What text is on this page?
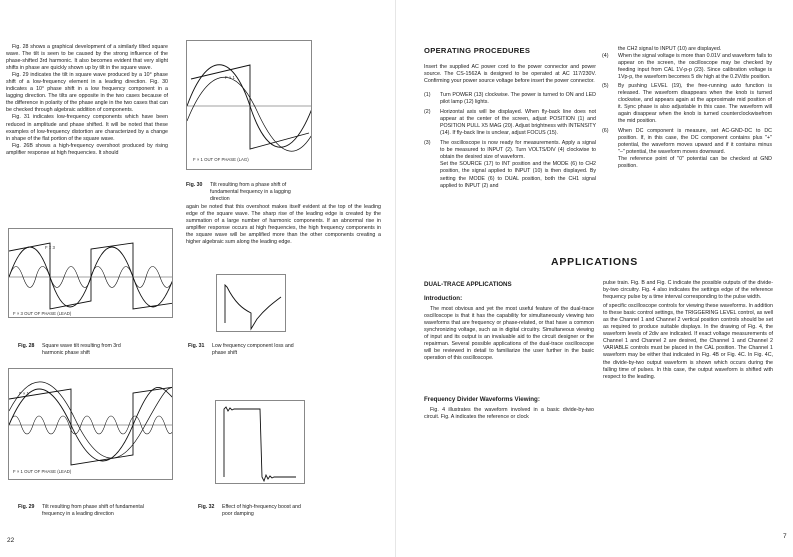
Fig. 28 shows a graphical development of a similarly tilted square wave. The tilt is seen to be caused by the strong influence of the phase-shifted 3rd harmonic. It also becomes evident that very slight shifts in phase are quickly shown up by tilt in the square wave.

Fig. 29 indicates the tilt in square wave produced by a 10° phase shift of a low-frequency element in a leading direction. Fig. 30 indicates a 10° phase shift in a low frequency component in a lagging direction. The tilts are opposite in the two cases because of the difference in polarity of the phase angle in the two cases that can be checked through algebraic addition of components.

Fig. 31 indicates low-frequency components which have been reduced in amplitude and phase shifted. It will be noted that these examples of low-frequency distortion are characterized by a change in shape of the flat portion of the square wave.

Fig. 26B shows a high-frequency overshoot produced by rising amplifier response at high frequencies. It should

F × 1
F × 1 OUT OF PHASE (LAG)
Fig. 30 Tilt resulting from a phase shift of fundamental frequency in a lagging direction

again be noted that this overshoot makes itself evident at the top of the leading edge of the square wave. The sharp rise of the leading edge is created by the summation of a large number of harmonic components. If an abnormal rise in amplifier response occurs at high frequencies, the high frequency components in the square wave will be amplified more than the other components creating a higher algebraic sum along the leading edge.

F × 3
F × 3 OUT OF PHASE (LEAD)
Fig. 28 Square wave tilt resulting from 3rd harmonic phase shift
Fig. 31 Low frequency component loss and phase shift
F × 1
F × 1 OUT OF PHASE (LEAD)
Fig. 29 Tilt resulting from phase shift of fundamental frequency in a leading direction
Fig. 32 Effect of high-frequency boost and poor damping
22
OPERATING PROCEDURES

Insert the supplied AC power cord to the power connector and power source. The CS-1562A is designed to be operated at AC 117/230V. Confirming your power source voltage before insert the power connector.

(1) Turn POWER (13) clockwise. The power is turned to ON and LED pilot lamp (12) lights.

(2) Horizontal axis will be displayed. When fly-back line does not appear at the center of the screen, adjust POSITION (1) and POSITION PULL X5 MAG (20). Adjust brightness with INTENSITY (14). If fly-back line is unclear, adjust FOCUS (15).

(3) The oscilloscope is now ready for measurements. Apply a signal to be measured to INPUT (2). Turn VOLTS/DIV (4) clockwise to obtain the desired size of waveform.

Set the SOURCE (17) to INT position and the MODE (6) to CH2 position, the signal applied to INPUT (10) is then displayed. By setting the MODE (6) to DUAL position, both the CH1 signal applied to INPUT (2) and

the CH2 signal to INPUT (10) are displayed.

(4) When the signal voltage is more than 0.01V and waveform fails to appear on the screen, the oscilloscope may be checked by feeding input from CAL 1V-p-p (23). Since calibration voltage is 1Vp-p, the waveform becomes 5 div high at the 0.2V/div position.

(5) By pushing LEVEL (19), the free-running auto function is released. The waveform disappears when the knob is turned clockwise, and appears again at the approximate mid position of it. Sync phase is also adjustable in this case. The waveform will again disappear when the knob is turned counterclockwisefrom the mid position.

(6) When DC component is measure, set AC-GND-DC to DC position. If, in this case, the DC component contains plus "+" potential, the waveform moves upward and if it contains minus "–" potential, the waveform moves downward.

The reference point of "0" potential can be checked at GND position.

APPLICATIONS
DUAL-TRACE APPLICATIONS
Introduction:

The most obvious and yet the most useful feature of the dual-trace oscilloscope is that it has the capability for simultaneously viewing two waveforms that are frequency or phase-related, or that have a common synchronizing voltage, such as in digital circuitry. Simultaneous viewing of input and its output is an invaluable aid to the circuit designer or the repairman. Several possible applications of the dual-trace oscilloscope will be reviewed in detail to familiarize the user further in the basic operation of this oscilloscope.

Frequency Divider Waveforms Viewing:

Fig. 4 illustrates the waveform involved in a basic divide-by-two circuit. Fig. A indicates the reference or clock

pulse train. Fig. B and Fig. C indicate the possible outputs of the divide-by-two circuitry. Fig. 4 also indicates the settings edge of the reference frequency pulse by a time interval corresponding to the pulse width.

of specific oscilloscope controls for viewing these waveforms. In addition to these basic control settings, the TRIGGERING LEVEL control, as well as the Channel 1 and Channel 2 vertical position controls should be set as required to produce suitable displays. In the drawing of Fig. 4, the waveform levels of 2div are indicated. If exact voltage measurements of Channel 1 and Channel 2 are desired, the Channel 1 and Channel 2 VARIABLE controls must be placed in the CAL position. The Channel 1 waveform may be either that indicated in Fig. 4B or Fig. 4C. In Fig. 4C, the divide-by-two output waveform is shown which occurs during the falling time of pulses. In this case, the output waveform is shifted with respect to the leading.

7
